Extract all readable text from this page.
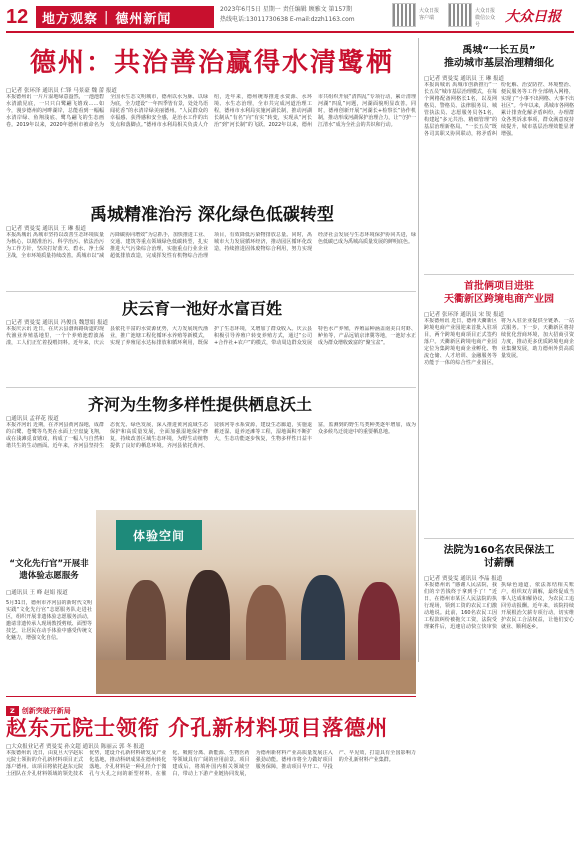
12 地方观察 | 德州新闻
2023年6月5日 星期一 责任编辑 顾雅文 第157期
热线电话:13011730638 E-mail:dzzh1163.com
大众日报客户端
大众日报微信公众号	大众日报
德州：共治善治赢得水清鹭栖
□记者 张环泽 通讯员 仁锋 马景豪 魏 蕾 报道
本报德州讯 一片片湿地绿意盎然，一池池碧水清澈见底，一只只白鹭翩飞嬉戏……如今，漫步德州的河畔湖岸，总能看到一幅幅水清岸绿、鱼翔浅底、鹭鸟翩飞的生态画卷。2019年以来，2020年德州市被命名为全国水生态文明城市，德州以水为脉、以绿为底，全力建设“一年四季皆有景，处处鸟语闻花香”的水清岸绿美丽德州。“人民群众的幸福感、获得感和安全感，是治水工作的出发点和落脚点。”德州市水利局相关负责人介绍，近年来，德州统筹推进水资源、水环境、水生态治理，全市共完成河道治理工程，德州市水利局实施河湖长制，推动河湖长制从“有名”向“有实”转变，实现从“河长治”到“河长制”的飞跃。2022年以来，德州市共组织开展“清四乱”专项行动，累计清理河湖“四乱”问题，河湖面貌明显改善。同时，德州创新开展“河湖长+检察长”协作机制，推动形成河湖保护治理合力，让“守护一江清水”成为全社会的共识和行动。
禹城精准治污 深化绿色低碳转型
□记者 贾曼雯 通讯员 王 琳 报道
本报禹城讯 禹城市坚持以改善生态环境质量为核心，以精准治污、科学治污、依法治污为工作方针，坚决打好蓝天、碧水、净土保卫战，全市环境质量持续改善。禹城市以“减污降碳协同增效”为总抓手，加快推进工业、交通、建筑等重点领域绿色低碳转型，扎实推进大气污染综合治理，实施重点行业企业超低排放改造，完成挥发性有机物综合治理项目，有效降低污染物排放总量。同时，禹城市大力发展循环经济，推动园区循环化改造，持续推进固体废物综合利用，努力实现经济社会发展与生态环境保护协同共进，绿色低碳已成为禹城高质量发展的鲜明底色。
庆云育一池好水富百姓
□记者 贾曼雯 通讯员 冯俊良 魏慧娟 报道
本报庆云讯 近日，在庆云县渤海路街道的现代渔业养殖基地里，一个个养殖池碧波荡漾，工人们正忙着投喂饲料。近年来，庆云县依托丰富的水资源优势，大力发展现代渔业，推广池塘工程化循环水养殖等新模式，实现了养殖尾水达标排放和循环利用，既保护了生态环境，又增加了群众收入。庆云县积极引导养殖户转变养殖方式，通过“公司+合作社+农户”的模式，带动周边群众发展特色水产养殖，养殖品种涵盖南美白对虾、鲈鱼等，产品远销京津冀等地，一池好水正成为群众增收致富的“聚宝盆”。
齐河为生物多样性提供栖息沃土
□通讯员 孟祥花 报道
本报齐河讯 近期，在齐河县黄河湿地，成群的白鹭、苍鹭等鸟类在水面上空盘旋飞翔，或在浅滩觅食嬉戏，构成了一幅人与自然和谐共生的生动画面。近年来，齐河县坚持生态优先、绿色发展，深入推进黄河流域生态保护和高质量发展，全面加强湿地保护修复，持续改善区域生态环境，为野生动植物提供了良好的栖息环境。齐河县依托黄河、徒骇河等水系资源，建设生态廊道，实施退耕还湿、退养还滩等工程，湿地面积不断扩大，生态功能逐步恢复，生物多样性日益丰富，监测到的野生鸟类种类逐年增加，成为众多候鸟迁徙途中的重要栖息地。
体验空间
“文化先行官”开展非遗体验志愿服务
□通讯员 王 峰 赵娟 报道
5月31日，德州市齐河县的新时代文明实践“文化先行官”志愿服务队走进社区，组织开展非遗体验志愿服务活动，邀请非遗传承人现场教授剪纸、面塑等技艺，让居民在动手体验中感受传统文化魅力，增强文化自信。
禹城“一长五员”
推动城市基层治理精细化
□记者 贾曼雯 通讯员 王 琳 报道
本报禹城讯 禹城市创新推行“一长五员”城市基层治理模式，在每个网格配备网格长1名，以及网格员、警格员、法律服务员、城管执法员、志愿服务员各1名，构建起“多元共治、精细管理”的基层治理新格局。“一长五员”既各司其职又协同联动，将矛盾纠纷化解、治安防控、环境整治、便民服务等工作全部纳入网格，实现了“小事不出网格、大事不出社区”。今年以来，禹城市各网格累计排查化解矛盾纠纷，办理群众各类诉求事项，群众满意度持续提升，城市基层治理效能显著增强。
首批俩项目进驻
天衢新区跨境电商产业园
□记者 张环泽 通讯员 宋 锐 报道
本报德州讯 近日，德州天衢新区跨境电商产业园迎来首批入驻项目，两个跨境电商项目正式签约落户。天衢新区跨境电商产业园定位为集跨境电商企业孵化、物流仓储、人才培训、金融服务等功能于一体的综合性产业园区，将为入驻企业提供全链条、一站式服务。下一步，天衢新区将持续优化营商环境，加大招商引资力度，推动更多优质跨境电商企业集聚发展，助力德州外贸高质量发展。
法院为160名农民保法工
讨薪酬
□记者 贾曼雯 通讯员 李晶 报道
本报德州讯 “感谢人民法院，我们的辛苦钱终于拿到手了！”近日，在德州市某区人民法院的执行现场，领到工资的农民工们激动地说。此前，160名农民工因工程款纠纷被拖欠工资，法院受理案件后，迅速启动快立快审快执绿色通道，依法冻结相关账户，组织双方调解，最终促成当事人达成和解协议，为农民工追回劳动报酬。近年来，该院持续开展根治欠薪专项行动，切实维护农民工合法权益，让他们安心就业、顺利返乡。
Z 创新突破开新局
赵东元院士领衔 介孔新材料项目落德州
□大众报业记者 贾曼雯 孙文超 通讯员 陈丽云 郭 冬 报道
本报德州讯 近日，由复旦大学赵东元院士领衔的介孔新材料项目正式落户德州。该项目将依托赵东元院士团队在介孔材料领域的领先技术优势，建设介孔新材料研发及产业化基地，推动科研成果在德州转化落地。介孔材料是一种孔径介于微孔与大孔之间的新型材料，在催化、吸附分离、新能源、生物医药等领域具有广阔的应用前景。项目建成后，将填补国内相关领域空白，带动上下游产业链协同发展，为德州新材料产业高质量发展注入强劲动能。德州市将全力做好项目服务保障，推动项目早开工、早投产、早见效，打造具有全国影响力的介孔新材料产业集群。
